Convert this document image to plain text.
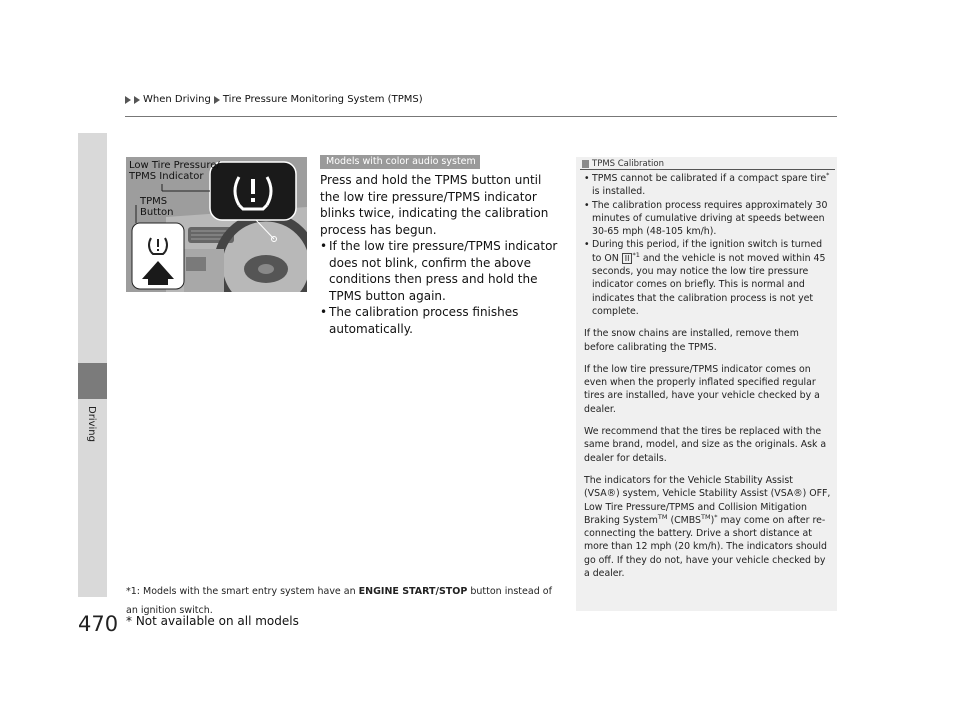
When Driving Tire Pressure Monitoring System (TPMS)
Driving
470
Low Tire Pressure/
TPMS Indicator
TPMS
Button
Models with color audio system

Press and hold the TPMS button until the low tire pressure/TPMS indicator blinks twice, indicating the calibration process has begun.

• If the low tire pressure/TPMS indicator does not blink, confirm the above conditions then press and hold the TPMS button again.
• The calibration process finishes automatically.
*1: Models with the smart entry system have an ENGINE START/STOP button instead of an ignition switch.
* Not available on all models
TPMS Calibration
• TPMS cannot be calibrated if a compact spare tire* is installed.
• The calibration process requires approximately 30 minutes of cumulative driving at speeds between 30-65 mph (48-105 km/h).
• During this period, if the ignition switch is turned to ON II $^{*1}$ and the vehicle is not moved within 45 seconds, you may notice the low tire pressure indicator comes on briefly. This is normal and indicates that the calibration process is not yet complete.
If the snow chains are installed, remove them before calibrating the TPMS.
If the low tire pressure/TPMS indicator comes on even when the properly inflated specified regular tires are installed, have your vehicle checked by a dealer.
We recommend that the tires be replaced with the same brand, model, and size as the originals. Ask a dealer for details.
The indicators for the Vehicle Stability Assist (VSA®) system, Vehicle Stability Assist (VSA®) OFF, Low Tire Pressure/TPMS and Collision Mitigation Braking System™ (CMBS™)* may come on after re-connecting the battery. Drive a short distance at more than 12 mph (20 km/h). The indicators should go off. If they do not, have your vehicle checked by a dealer.
